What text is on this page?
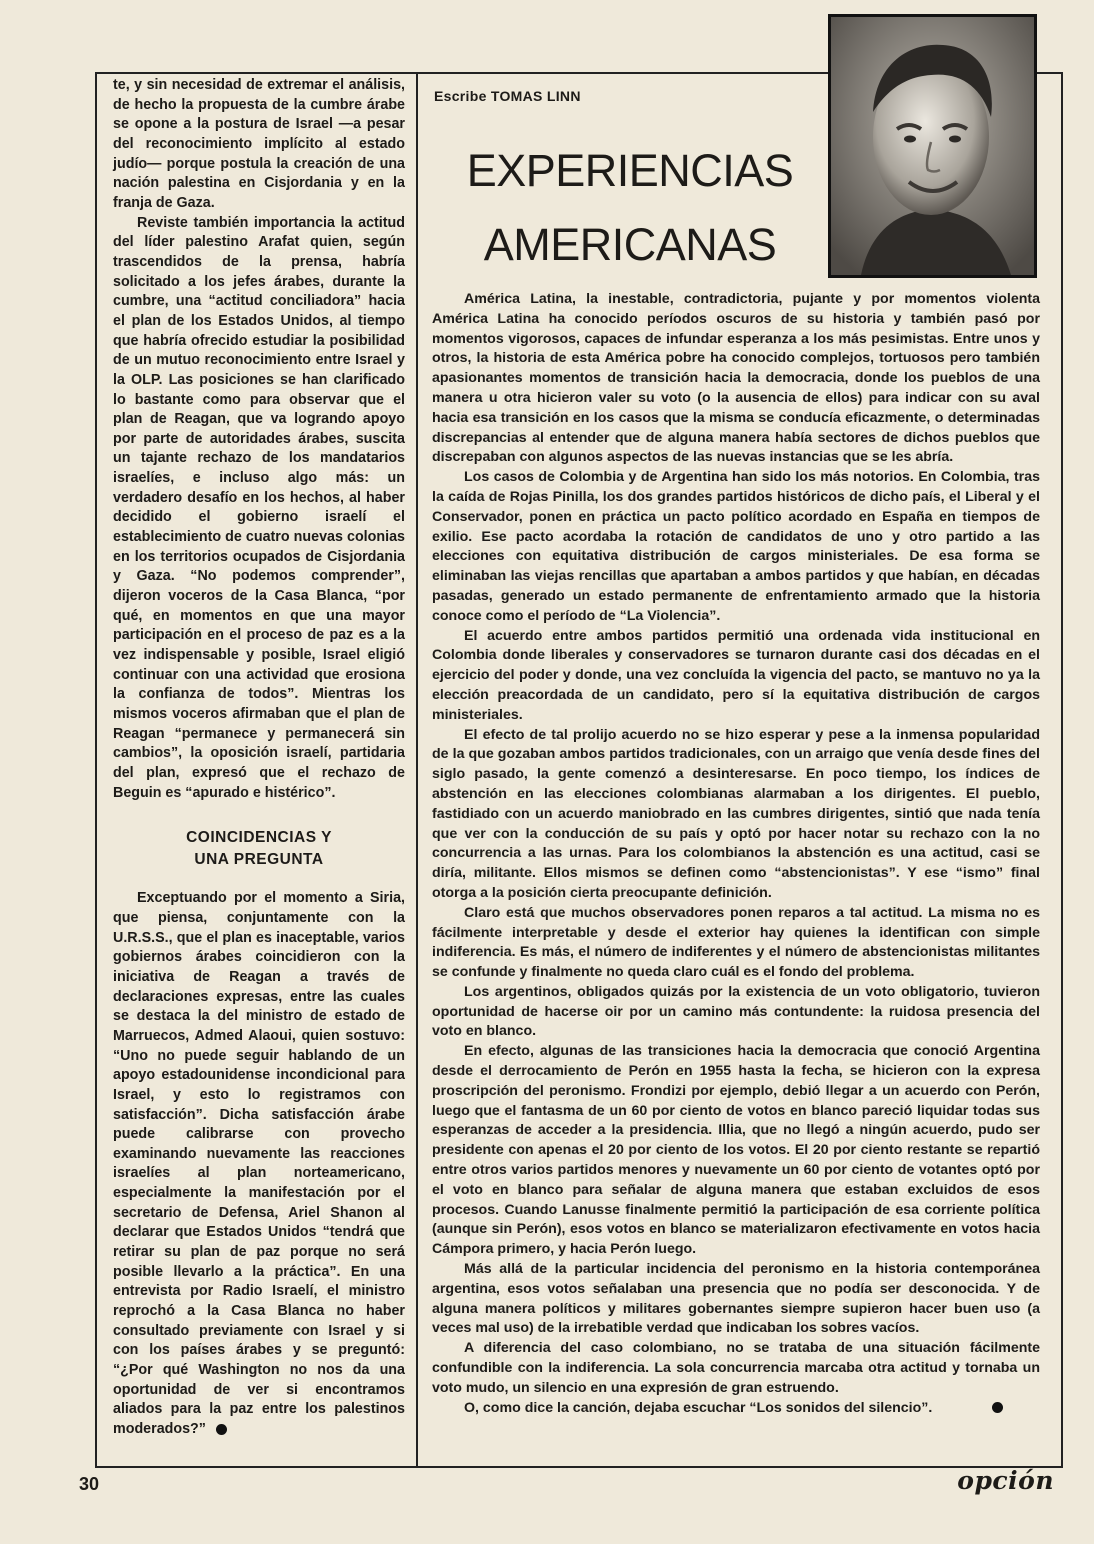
te, y sin necesidad de extremar el análisis, de hecho la propuesta de la cumbre árabe se opone a la postura de Israel —a pesar del reconocimiento implícito al estado judío— porque postula la creación de una nación palestina en Cisjordania y en la franja de Gaza.

Reviste también importancia la actitud del líder palestino Arafat quien, según trascendidos de la prensa, habría solicitado a los jefes árabes, durante la cumbre, una “actitud conciliadora” hacia el plan de los Estados Unidos, al tiempo que habría ofrecido estudiar la posibilidad de un mutuo reconocimiento entre Israel y la OLP. Las posiciones se han clarificado lo bastante como para observar que el plan de Reagan, que va logrando apoyo por parte de autoridades árabes, suscita un tajante rechazo de los mandatarios israelíes, e incluso algo más: un verdadero desafío en los hechos, al haber decidido el gobierno israelí el establecimiento de cuatro nuevas colonias en los territorios ocupados de Cisjordania y Gaza. “No podemos comprender”, dijeron voceros de la Casa Blanca, “por qué, en momentos en que una mayor participación en el proceso de paz es a la vez indispensable y posible, Israel eligió continuar con una actividad que erosiona la confianza de todos”. Mientras los mismos voceros afirmaban que el plan de Reagan “permanece y permanecerá sin cambios”, la oposición israelí, partidaria del plan, expresó que el rechazo de Beguin es “apurado e histérico”.

COINCIDENCIAS Y
UNA PREGUNTA

Exceptuando por el momento a Siria, que piensa, conjuntamente con la U.R.S.S., que el plan es inaceptable, varios gobiernos árabes coincidieron con la iniciativa de Reagan a través de declaraciones expresas, entre las cuales se destaca la del ministro de estado de Marruecos, Admed Alaoui, quien sostuvo: “Uno no puede seguir hablando de un apoyo estadounidense incondicional para Israel, y esto lo registramos con satisfacción”. Dicha satisfacción árabe puede calibrarse con provecho examinando nuevamente las reacciones israelíes al plan norteamericano, especialmente la manifestación por el secretario de Defensa, Ariel Shanon al declarar que Estados Unidos “tendrá que retirar su plan de paz porque no será posible llevarlo a la práctica”. En una entrevista por Radio Israelí, el ministro reprochó a la Casa Blanca no haber consultado previamente con Israel y si con los países árabes y se preguntó: “¿Por qué Washington no nos da una oportunidad de ver si encontramos aliados para la paz entre los palestinos moderados?”

Escribe TOMAS LINN
EXPERIENCIAS
AMERICANAS

América Latina, la inestable, contradictoria, pujante y por momentos violenta América Latina ha conocido períodos oscuros de su historia y también pasó por momentos vigorosos, capaces de infundar esperanza a los más pesimistas. Entre unos y otros, la historia de esta América pobre ha conocido complejos, tortuosos pero también apasionantes momentos de transición hacia la democracia, donde los pueblos de una manera u otra hicieron valer su voto (o la ausencia de ellos) para indicar con su aval hacia esa transición en los casos que la misma se conducía eficazmente, o determinadas discrepancias al entender que de alguna manera había sectores de dichos pueblos que discrepaban con algunos aspectos de las nuevas instancias que se les abría.

Los casos de Colombia y de Argentina han sido los más notorios. En Colombia, tras la caída de Rojas Pinilla, los dos grandes partidos históricos de dicho país, el Liberal y el Conservador, ponen en práctica un pacto político acordado en España en tiempos de exilio. Ese pacto acordaba la rotación de candidatos de uno y otro partido a las elecciones con equitativa distribución de cargos ministeriales. De esa forma se eliminaban las viejas rencillas que apartaban a ambos partidos y que habían, en décadas pasadas, generado un estado permanente de enfrentamiento armado que la historia conoce como el período de “La Violencia”.

El acuerdo entre ambos partidos permitió una ordenada vida institucional en Colombia donde liberales y conservadores se turnaron durante casi dos décadas en el ejercicio del poder y donde, una vez concluída la vigencia del pacto, se mantuvo no ya la elección preacordada de un candidato, pero sí la equitativa distribución de cargos ministeriales.

El efecto de tal prolijo acuerdo no se hizo esperar y pese a la inmensa popularidad de la que gozaban ambos partidos tradicionales, con un arraigo que venía desde fines del siglo pasado, la gente comenzó a desinteresarse. En poco tiempo, los índices de abstención en las elecciones colombianas alarmaban a los dirigentes. El pueblo, fastidiado con un acuerdo maniobrado en las cumbres dirigentes, sintió que nada tenía que ver con la conducción de su país y optó por hacer notar su rechazo con la no concurrencia a las urnas. Para los colombianos la abstención es una actitud, casi se diría, militante. Ellos mismos se definen como “abstencionistas”. Y ese “ismo” final otorga a la posición cierta preocupante definición.

Claro está que muchos observadores ponen reparos a tal actitud. La misma no es fácilmente interpretable y desde el exterior hay quienes la identifican con simple indiferencia. Es más, el número de indiferentes y el número de abstencionistas militantes se confunde y finalmente no queda claro cuál es el fondo del problema.

Los argentinos, obligados quizás por la existencia de un voto obligatorio, tuvieron oportunidad de hacerse oir por un camino más contundente: la ruidosa presencia del voto en blanco.

En efecto, algunas de las transiciones hacia la democracia que conoció Argentina desde el derrocamiento de Perón en 1955 hasta la fecha, se hicieron con la expresa proscripción del peronismo. Frondizi por ejemplo, debió llegar a un acuerdo con Perón, luego que el fantasma de un 60 por ciento de votos en blanco pareció liquidar todas sus esperanzas de acceder a la presidencia. Illia, que no llegó a ningún acuerdo, pudo ser presidente con apenas el 20 por ciento de los votos. El 20 por ciento restante se repartió entre otros varios partidos menores y nuevamente un 60 por ciento de votantes optó por el voto en blanco para señalar de alguna manera que estaban excluidos de esos procesos. Cuando Lanusse finalmente permitió la participación de esa corriente política (aunque sin Perón), esos votos en blanco se materializaron efectivamente en votos hacia Cámpora primero, y hacia Perón luego.

Más allá de la particular incidencia del peronismo en la historia contemporánea argentina, esos votos señalaban una presencia que no podía ser desconocida. Y de alguna manera políticos y militares gobernantes siempre supieron hacer buen uso (a veces mal uso) de la irrebatible verdad que indicaban los sobres vacíos.

A diferencia del caso colombiano, no se trataba de una situación fácilmente confundible con la indiferencia. La sola concurrencia marcaba otra actitud y tornaba un voto mudo, un silencio en una expresión de gran estruendo.

O, como dice la canción, dejaba escuchar “Los sonidos del silencio”.

30	opción
